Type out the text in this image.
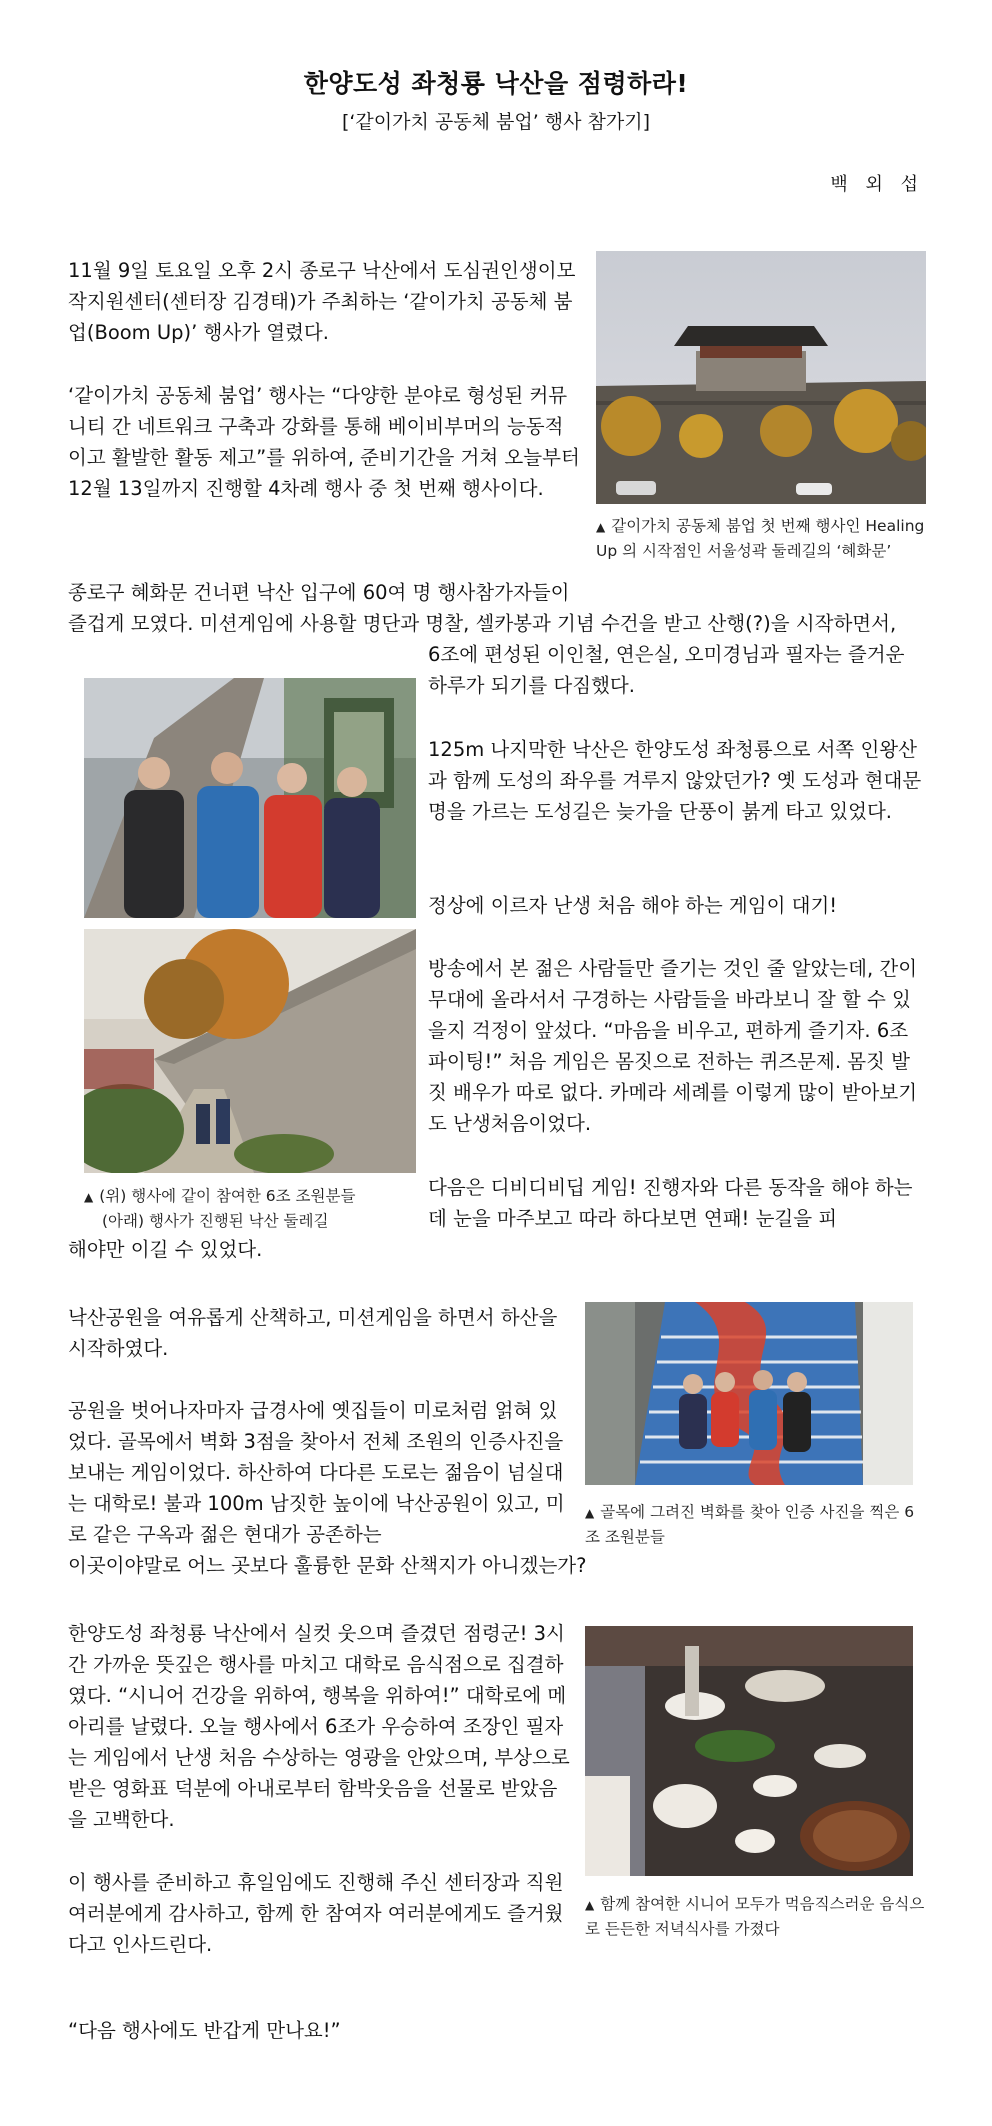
한양도성 좌청룡 낙산을 점령하라!
[‘같이가치 공동체 붐업’ 행사 참가기]
백 외 섭

11월 9일 토요일 오후 2시 종로구 낙산에서 도심권인생이모작지원센터(센터장 김경태)가 주최하는 ‘같이가치 공동체 붐업(Boom Up)’ 행사가 열렸다.

‘같이가치 공동체 붐업’ 행사는 “다양한 분야로 형성된 커뮤니티 간 네트워크 구축과 강화를 통해 베이비부머의 능동적이고 활발한 활동 제고”를 위하여, 준비기간을 거쳐 오늘부터 12월 13일까지 진행할 4차례 행사 중 첫 번째 행사이다.

▲ 같이가치 공동체 붐업 첫 번째 행사인 Healing Up 의 시작점인 서울성곽 둘레길의 ‘혜화문’

종로구 혜화문 건너편 낙산 입구에 60여 명 행사참가자들이

즐겁게 모였다. 미션게임에 사용할 명단과 명찰, 셀카봉과 기념 수건을 받고 산행(?)을 시작하면서,

6조에 편성된 이인철, 연은실, 오미경님과 필자는 즐거운 하루가 되기를 다짐했다.

▲ (위) 행사에 같이 참여한 6조 조원분들
(아래) 행사가 진행된 낙산 둘레길

125m 나지막한 낙산은 한양도성 좌청룡으로 서쪽 인왕산과 함께 도성의 좌우를 겨루지 않았던가? 옛 도성과 현대문명을 가르는 도성길은 늦가을 단풍이 붉게 타고 있었다.

정상에 이르자 난생 처음 해야 하는 게임이 대기!

방송에서 본 젊은 사람들만 즐기는 것인 줄 알았는데, 간이 무대에 올라서서 구경하는 사람들을 바라보니 잘 할 수 있을지 걱정이 앞섰다. “마음을 비우고, 편하게 즐기자. 6조 파이팅!” 처음 게임은 몸짓으로 전하는 퀴즈문제. 몸짓 발짓 배우가 따로 없다. 카메라 세례를 이렇게 많이 받아보기도 난생처음이었다.

다음은 디비디비딥 게임! 진행자와 다른 동작을 해야 하는데 눈을 마주보고 따라 하다보면 연패! 눈길을 피

해야만 이길 수 있었다.

낙산공원을 여유롭게 산책하고, 미션게임을 하면서 하산을 시작하였다.

공원을 벗어나자마자 급경사에 옛집들이 미로처럼 얽혀 있었다. 골목에서 벽화 3점을 찾아서 전체 조원의 인증사진을 보내는 게임이었다. 하산하여 다다른 도로는 젊음이 넘실대는 대학로! 불과 100m 남짓한 높이에 낙산공원이 있고, 미로 같은 구옥과 젊은 현대가 공존하는

이곳이야말로 어느 곳보다 훌륭한 문화 산책지가 아니겠는가?

▲ 골목에 그려진 벽화를 찾아 인증 사진을 찍은 6조 조원분들

한양도성 좌청룡 낙산에서 실컷 웃으며 즐겼던 점령군! 3시간 가까운 뜻깊은 행사를 마치고 대학로 음식점으로 집결하였다. “시니어 건강을 위하여, 행복을 위하여!” 대학로에 메아리를 날렸다. 오늘 행사에서 6조가 우승하여 조장인 필자는 게임에서 난생 처음 수상하는 영광을 안았으며, 부상으로 받은 영화표 덕분에 아내로부터 함박웃음을 선물로 받았음을 고백한다.

이 행사를 준비하고 휴일임에도 진행해 주신 센터장과 직원 여러분에게 감사하고, 함께 한 참여자 여러분에게도 즐거웠다고 인사드린다.

▲ 함께 참여한 시니어 모두가 먹음직스러운 음식으로 든든한 저녁식사를 가졌다

“다음 행사에도 반갑게 만나요!”
